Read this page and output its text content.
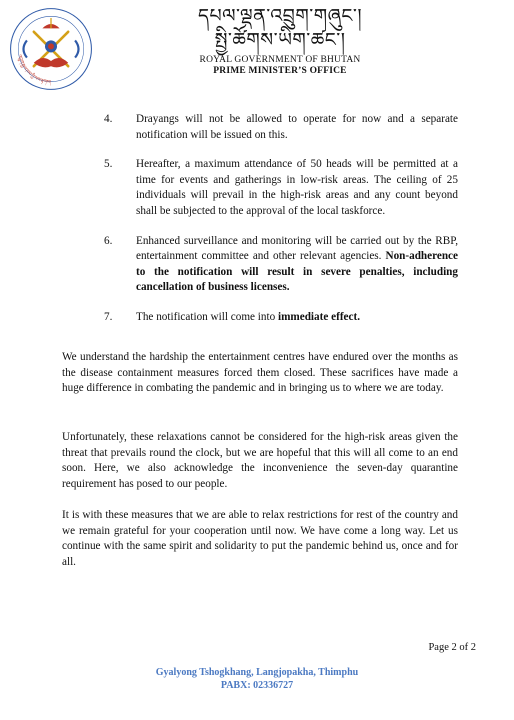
འབྲུག་རྒྱལ་ཁབ་ཀྱི་ལས་རྟགས།
དཔལ་ལྡན་འབྲུག་གཞུང་།
སྤྱི་ཚོགས་ཡིག་ཚང་།
ROYAL GOVERNMENT OF BHUTAN
PRIME MINISTER’S OFFICE
4.	Drayangs will not be allowed to operate for now and a separate notification will be issued on this.
5.	Hereafter, a maximum attendance of 50 heads will be permitted at a time for events and gatherings in low-risk areas. The ceiling of 25 individuals will prevail in the high-risk areas and any count beyond shall be subjected to the approval of the local taskforce.
6.	Enhanced surveillance and monitoring will be carried out by the RBP, entertainment committee and other relevant agencies. Non-adherence to the notification will result in severe penalties, including cancellation of business licenses.
7.	The notification will come into immediate effect.
We understand the hardship the entertainment centres have endured over the months as the disease containment measures forced them closed. These sacrifices have made a huge difference in combating the pandemic and in bringing us to where we are today.
Unfortunately, these relaxations cannot be considered for the high-risk areas given the threat that prevails round the clock, but we are hopeful that this will all come to an end soon. Here, we also acknowledge the inconvenience the seven-day quarantine requirement has posed to our people.
It is with these measures that we are able to relax restrictions for rest of the country and we remain grateful for your cooperation until now. We have come a long way. Let us continue with the same spirit and solidarity to put the pandemic behind us, once and for all.
Page 2 of 2
Gyalyong Tshogkhang, Langjopakha, Thimphu
PABX: 02336727
